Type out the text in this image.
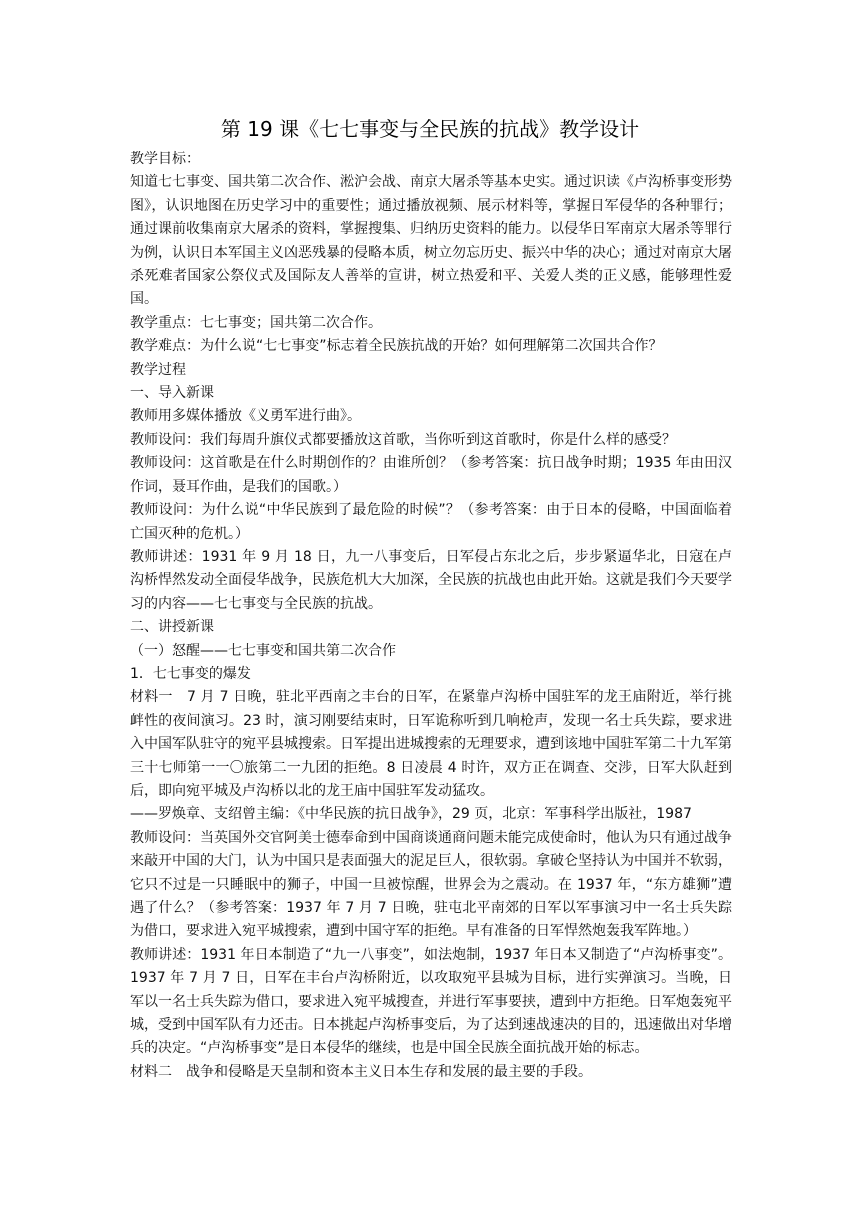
第 19 课《七七事变与全民族的抗战》教学设计

教学目标：

知道七七事变、国共第二次合作、淞沪会战、南京大屠杀等基本史实。通过识读《卢沟桥事变形势图》，认识地图在历史学习中的重要性；通过播放视频、展示材料等，掌握日军侵华的各种罪行；通过课前收集南京大屠杀的资料，掌握搜集、归纳历史资料的能力。以侵华日军南京大屠杀等罪行为例，认识日本军国主义凶恶残暴的侵略本质，树立勿忘历史、振兴中华的决心；通过对南京大屠杀死难者国家公祭仪式及国际友人善举的宣讲，树立热爱和平、关爱人类的正义感，能够理性爱国。

教学重点：七七事变；国共第二次合作。

教学难点：为什么说“七七事变”标志着全民族抗战的开始？如何理解第二次国共合作？

教学过程

一、导入新课

教师用多媒体播放《义勇军进行曲》。

教师设问：我们每周升旗仪式都要播放这首歌，当你听到这首歌时，你是什么样的感受？

教师设问：这首歌是在什么时期创作的？由谁所创？（参考答案：抗日战争时期；1935 年由田汉作词，聂耳作曲，是我们的国歌。）

教师设问：为什么说“中华民族到了最危险的时候”？（参考答案：由于日本的侵略，中国面临着亡国灭种的危机。）

教师讲述：1931 年 9 月 18 日，九一八事变后，日军侵占东北之后，步步紧逼华北，日寇在卢沟桥悍然发动全面侵华战争，民族危机大大加深，全民族的抗战也由此开始。这就是我们今天要学习的内容——七七事变与全民族的抗战。

二、讲授新课

（一）怒醒——七七事变和国共第二次合作

1．七七事变的爆发

材料一　7 月 7 日晚，驻北平西南之丰台的日军，在紧靠卢沟桥中国驻军的龙王庙附近，举行挑衅性的夜间演习。23 时，演习刚要结束时，日军诡称听到几响枪声，发现一名士兵失踪，要求进入中国军队驻守的宛平县城搜索。日军提出进城搜索的无理要求，遭到该地中国驻军第二十九军第三十七师第一一〇旅第二一九团的拒绝。8 日凌晨 4 时许，双方正在调查、交涉，日军大队赶到后，即向宛平城及卢沟桥以北的龙王庙中国驻军发动猛攻。

——罗焕章、支绍曾主编：《中华民族的抗日战争》，29 页，北京：军事科学出版社，1987

教师设问：当英国外交官阿美士德奉命到中国商谈通商问题未能完成使命时，他认为只有通过战争来敲开中国的大门，认为中国只是表面强大的泥足巨人，很软弱。拿破仑坚持认为中国并不软弱，它只不过是一只睡眠中的狮子，中国一旦被惊醒，世界会为之震动。在 1937 年，“东方雄狮”遭遇了什么？（参考答案：1937 年 7 月 7 日晚，驻屯北平南郊的日军以军事演习中一名士兵失踪为借口，要求进入宛平城搜索，遭到中国守军的拒绝。早有准备的日军悍然炮轰我军阵地。）

教师讲述：1931 年日本制造了“九一八事变”，如法炮制，1937 年日本又制造了“卢沟桥事变”。1937 年 7 月 7 日，日军在丰台卢沟桥附近，以攻取宛平县城为目标，进行实弹演习。当晚，日军以一名士兵失踪为借口，要求进入宛平城搜查，并进行军事要挟，遭到中方拒绝。日军炮轰宛平城，受到中国军队有力还击。日本挑起卢沟桥事变后，为了达到速战速决的目的，迅速做出对华增兵的决定。“卢沟桥事变”是日本侵华的继续，也是中国全民族全面抗战开始的标志。

材料二　战争和侵略是天皇制和资本主义日本生存和发展的最主要的手段。
